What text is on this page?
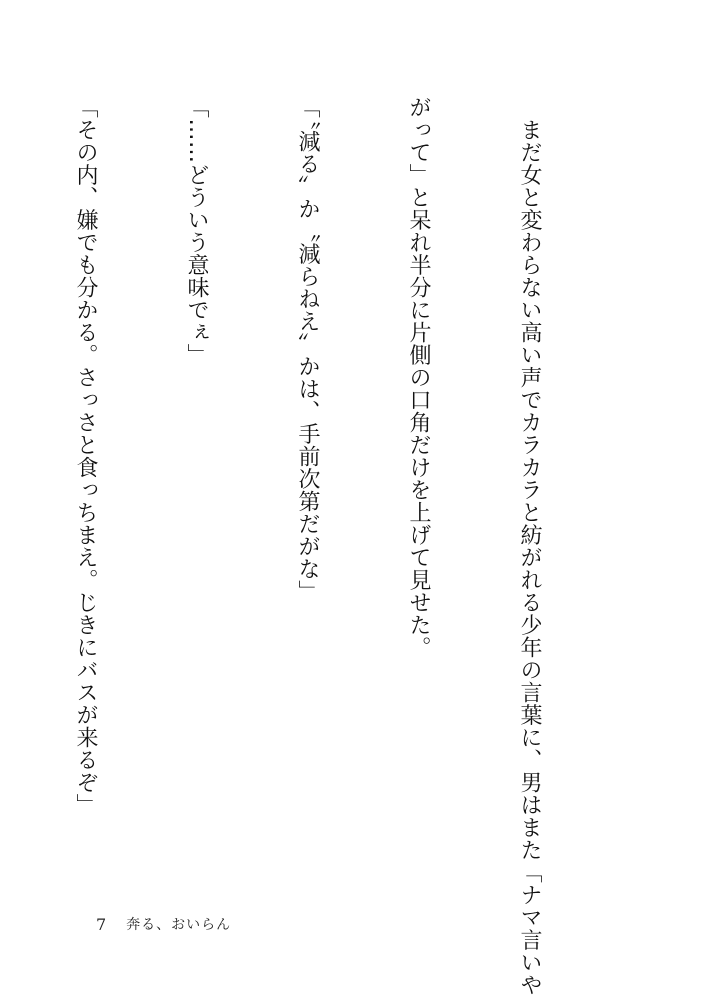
　まだ女と変わらない高い声でカラカラと紡がれる少年の言葉に、男はまた「ナマ言いや

がって」と呆れ半分に片側の口角だけを上げて見せた。

「〝減る〟か〝減らねえ〟かは、手前次第だがな」

「……どういう意味でぇ」

「その内、嫌でも分かる。さっさと食っちまえ。じきにバスが来るぞ」

7 奔る、おいらん
